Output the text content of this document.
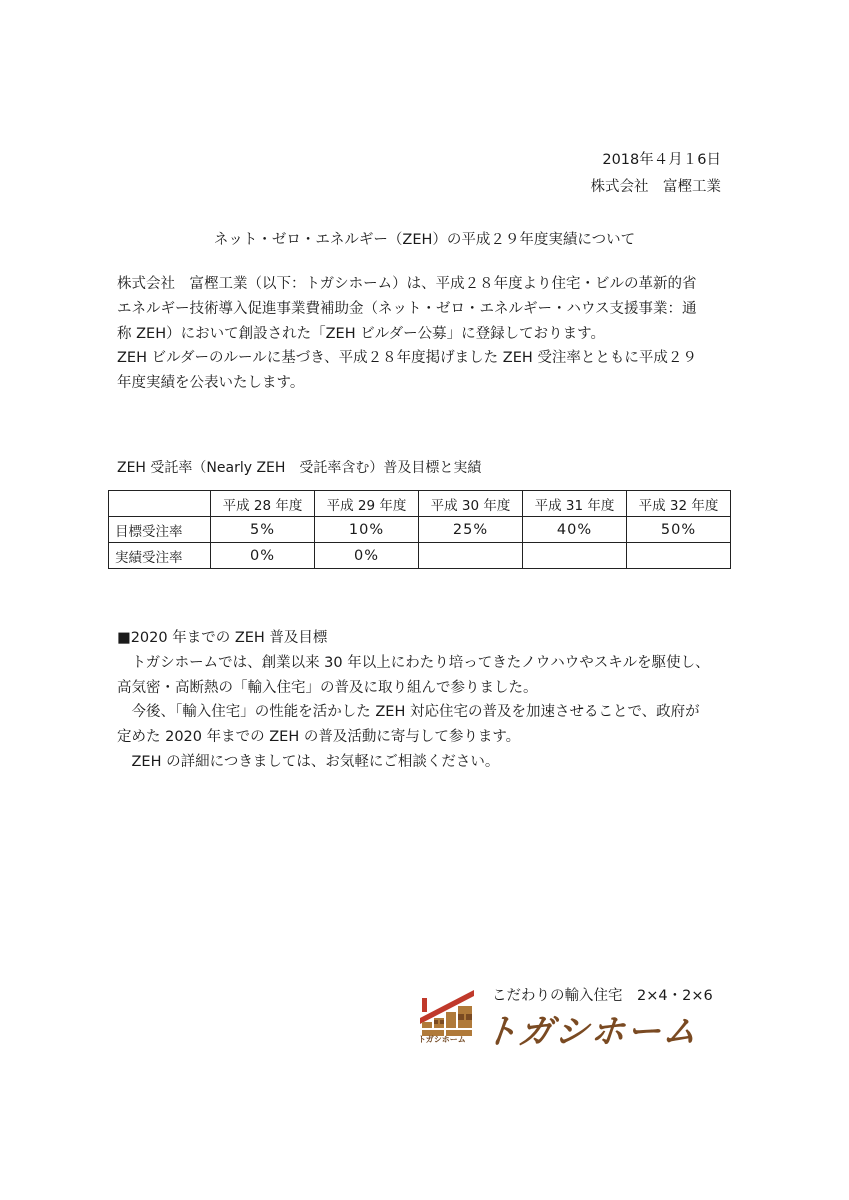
2018年４月１6日
株式会社　富樫工業
ネット・ゼロ・エネルギー（ZEH）の平成２９年度実績について

株式会社　富樫工業（以下：トガシホーム）は、平成２８年度より住宅・ビルの革新的省

エネルギー技術導入促進事業費補助金（ネット・ゼロ・エネルギー・ハウス支援事業：通

称 ZEH）において創設された「ZEH ビルダー公募」に登録しております。

ZEH ビルダーのルールに基づき、平成２８年度掲げました ZEH 受注率とともに平成２９

年度実績を公表いたします。

ZEH 受託率（Nearly ZEH　受託率含む）普及目標と実績
	平成 28 年度	平成 29 年度	平成 30 年度	平成 31 年度	平成 32 年度
目標受注率	5%	10%	25%	40%	50%
実績受注率	0%	0%			

■2020 年までの ZEH 普及目標

　トガシホームでは、創業以来 30 年以上にわたり培ってきたノウハウやスキルを駆使し、

高気密・高断熱の「輸入住宅」の普及に取り組んで参りました。

　今後、「輸入住宅」の性能を活かした ZEH 対応住宅の普及を加速させることで、政府が

定めた 2020 年までの ZEH の普及活動に寄与して参ります。

　ZEH の詳細につきましては、お気軽にご相談ください。

トガシホーム
こだわりの輸入住宅　2×4・2×6
トガシホーム
